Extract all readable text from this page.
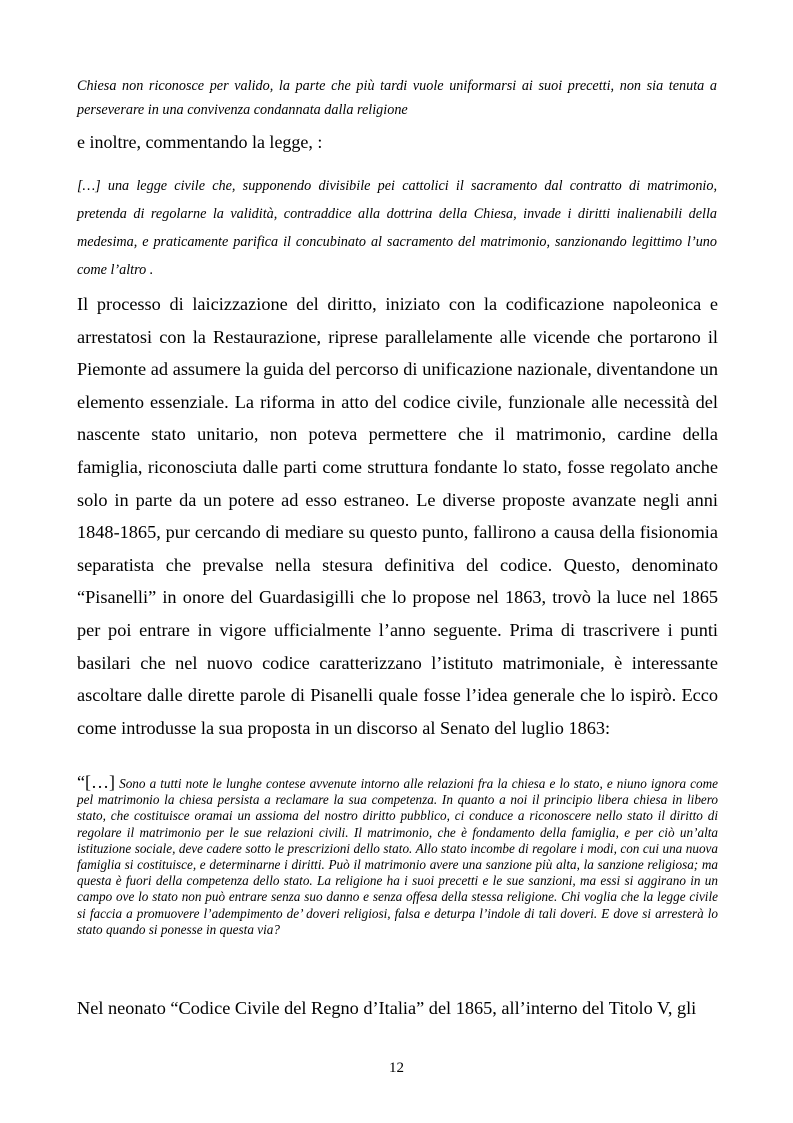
Chiesa non riconosce per valido, la parte che più tardi vuole uniformarsi ai suoi precetti, non sia tenuta a perseverare in una convivenza condannata dalla religione

e inoltre, commentando la legge, :

[…] una legge civile che, supponendo divisibile pei cattolici il sacramento dal contratto di matrimonio, pretenda di regolarne la validità, contraddice alla dottrina della Chiesa, invade i diritti inalienabili della medesima, e praticamente parifica il concubinato al sacramento del matrimonio, sanzionando legittimo l’uno come l’altro .

Il processo di laicizzazione del diritto, iniziato con la codificazione napoleonica e arrestatosi con la Restaurazione, riprese parallelamente alle vicende che portarono il Piemonte ad assumere la guida del percorso di unificazione nazionale, diventandone un elemento essenziale. La riforma in atto del codice civile, funzionale alle necessità del nascente stato unitario, non poteva permettere che il matrimonio, cardine della famiglia, riconosciuta dalle parti come struttura fondante lo stato, fosse regolato anche solo in parte da un potere ad esso estraneo. Le diverse proposte avanzate negli anni 1848-1865, pur cercando di mediare su questo punto, fallirono a causa della fisionomia separatista che prevalse nella stesura definitiva del codice. Questo, denominato “Pisanelli” in onore del Guardasigilli che lo propose nel 1863, trovò la luce nel 1865 per poi entrare in vigore ufficialmente l’anno seguente. Prima di trascrivere i punti basilari che nel nuovo codice caratterizzano l’istituto matrimoniale, è interessante ascoltare dalle dirette parole di Pisanelli quale fosse l’idea generale che lo ispirò. Ecco come introdusse la sua proposta in un discorso al Senato del luglio 1863:

“[…] Sono a tutti note le lunghe contese avvenute intorno alle relazioni fra la chiesa e lo stato, e niuno ignora come pel matrimonio la chiesa persista a reclamare la sua competenza. In quanto a noi il principio libera chiesa in libero stato, che costituisce oramai un assioma del nostro diritto pubblico, ci conduce a riconoscere nello stato il diritto di regolare il matrimonio per le sue relazioni civili. Il matrimonio, che è fondamento della famiglia, e per ciò un’alta istituzione sociale, deve cadere sotto le prescrizioni dello stato. Allo stato incombe di regolare i modi, con cui una nuova famiglia si costituisce, e determinarne i diritti. Può il matrimonio avere una sanzione più alta, la sanzione religiosa; ma questa è fuori della competenza dello stato. La religione ha i suoi precetti e le sue sanzioni, ma essi si aggirano in un campo ove lo stato non può entrare senza suo danno e senza offesa della stessa religione. Chi voglia che la legge civile si faccia a promuovere l’adempimento de’ doveri religiosi, falsa e deturpa l’indole di tali doveri. E dove si arresterà lo stato quando si ponesse in questa via?

Nel neonato “Codice Civile del Regno d’Italia” del 1865, all’interno del Titolo V, gli

12
